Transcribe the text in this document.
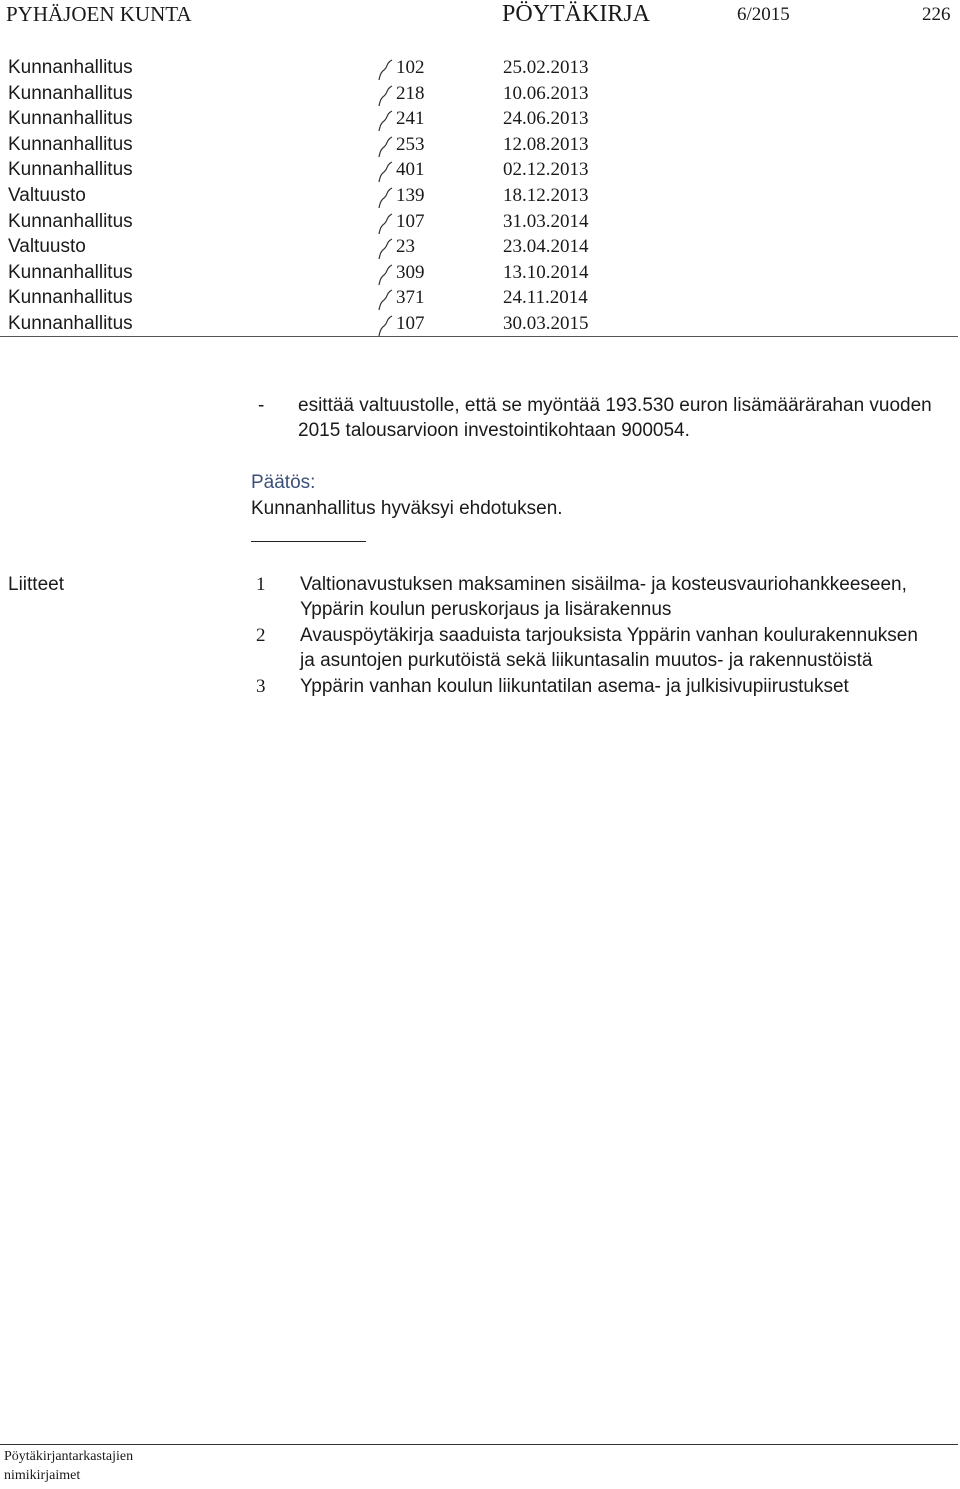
PYHÄJOEN KUNTA	PÖYTÄKIRJA	6/2015	226
Kunnanhallitus	102	25.02.2013
Kunnanhallitus	218	10.06.2013
Kunnanhallitus	241	24.06.2013
Kunnanhallitus	253	12.08.2013
Kunnanhallitus	401	02.12.2013
Valtuusto	139	18.12.2013
Kunnanhallitus	107	31.03.2014
Valtuusto	23	23.04.2014
Kunnanhallitus	309	13.10.2014
Kunnanhallitus	371	24.11.2014
Kunnanhallitus	107	30.03.2015
- esittää valtuustolle, että se myöntää 193.530 euron lisämäärärahan vuoden
2015 talousarvioon investointikohtaan 900054.
Päätös:
Kunnanhallitus hyväksyi ehdotuksen.
Liitteet	1 Valtionavustuksen maksaminen sisäilma- ja kosteusvauriohankkeeseen,
Yppärin koulun peruskorjaus ja lisärakennus
2 Avauspöytäkirja saaduista tarjouksista Yppärin vanhan koulurakennuksen
ja asuntojen purkutöistä sekä liikuntasalin muutos- ja rakennustöistä
3 Yppärin vanhan koulun liikuntatilan asema- ja julkisivupiirustukset
Pöytäkirjantarkastajien
nimikirjaimet
